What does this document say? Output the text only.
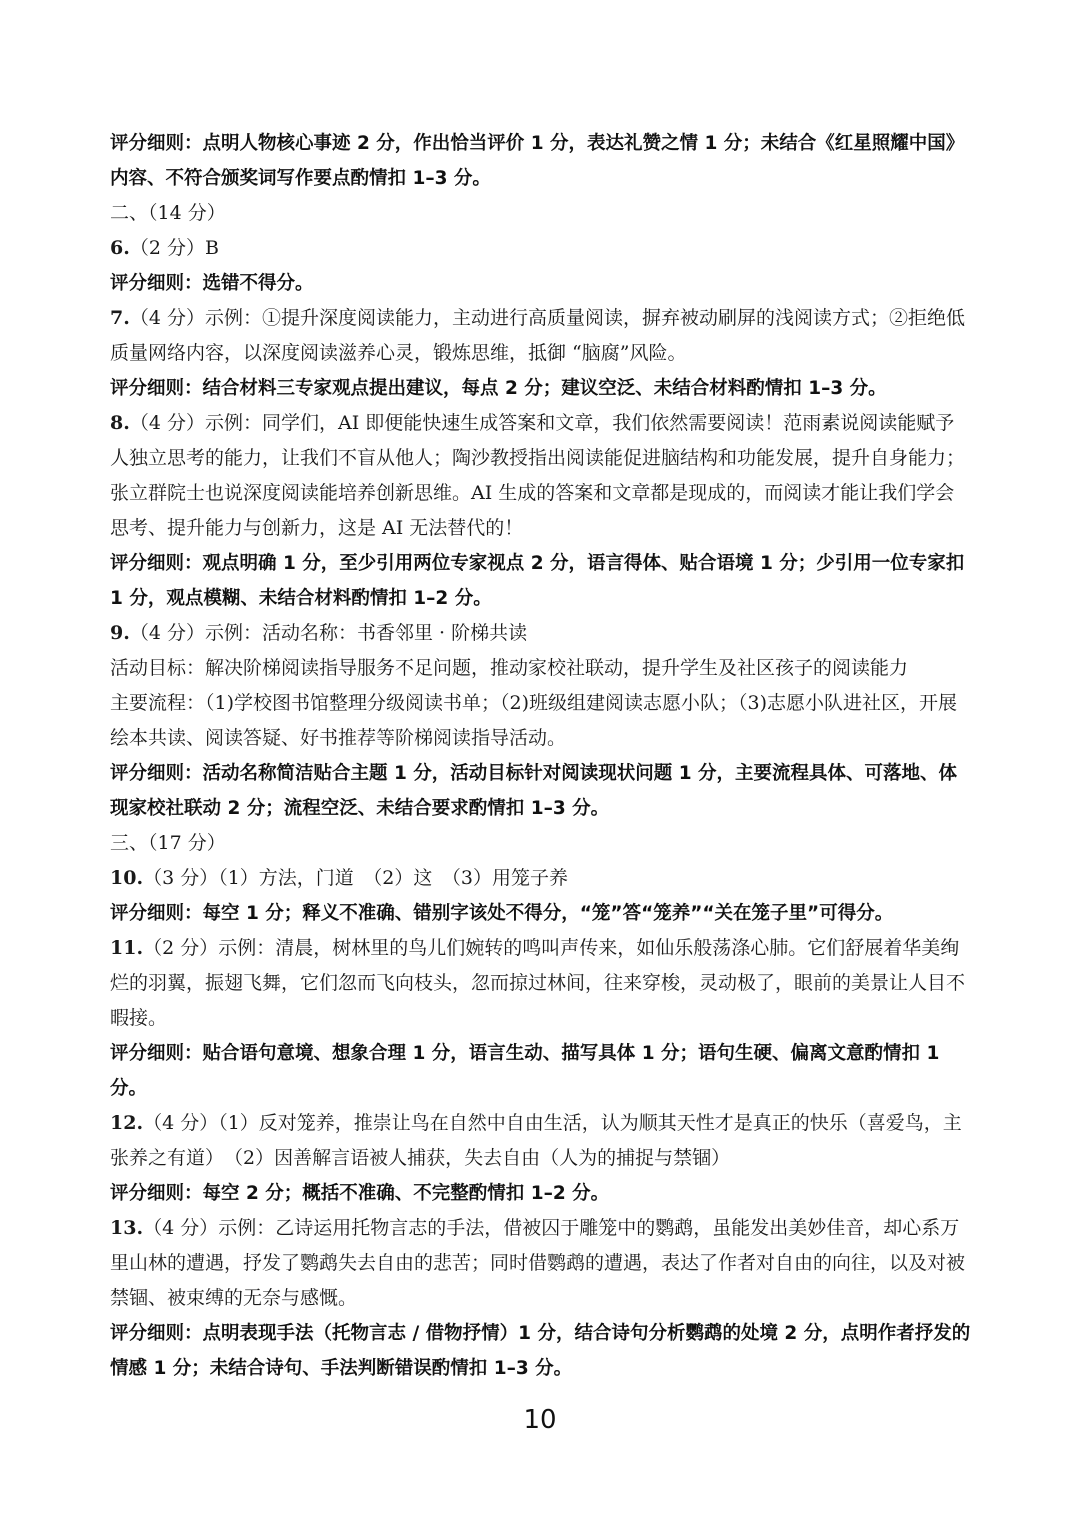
评分细则：点明人物核心事迹 2 分，作出恰当评价 1 分，表达礼赞之情 1 分；未结合《红星照耀中国》内容、不符合颁奖词写作要点酌情扣 1–3 分。

二、（14 分）

6.（2 分）B

评分细则：选错不得分。

7.（4 分）示例：①提升深度阅读能力，主动进行高质量阅读，摒弃被动刷屏的浅阅读方式；②拒绝低质量网络内容，以深度阅读滋养心灵，锻炼思维，抵御 “脑腐”风险。

评分细则：结合材料三专家观点提出建议，每点 2 分；建议空泛、未结合材料酌情扣 1–3 分。

8.（4 分）示例：同学们，AI 即便能快速生成答案和文章，我们依然需要阅读！范雨素说阅读能赋予人独立思考的能力，让我们不盲从他人；陶沙教授指出阅读能促进脑结构和功能发展，提升自身能力；张立群院士也说深度阅读能培养创新思维。AI 生成的答案和文章都是现成的，而阅读才能让我们学会思考、提升能力与创新力，这是 AI 无法替代的！

评分细则：观点明确 1 分，至少引用两位专家视点 2 分，语言得体、贴合语境 1 分；少引用一位专家扣 1 分，观点模糊、未结合材料酌情扣 1–2 分。

9.（4 分）示例：活动名称：书香邻里 · 阶梯共读

活动目标：解决阶梯阅读指导服务不足问题，推动家校社联动，提升学生及社区孩子的阅读能力

主要流程：（1)学校图书馆整理分级阅读书单；（2)班级组建阅读志愿小队；（3)志愿小队进社区，开展绘本共读、阅读答疑、好书推荐等阶梯阅读指导活动。

评分细则：活动名称简洁贴合主题 1 分，活动目标针对阅读现状问题 1 分，主要流程具体、可落地、体现家校社联动 2 分；流程空泛、未结合要求酌情扣 1–3 分。

三、（17 分）

10.（3 分）（1）方法，门道　（2）这　（3）用笼子养

评分细则：每空 1 分；释义不准确、错别字该处不得分，“笼”答“笼养”“关在笼子里”可得分。

11.（2 分）示例：清晨，树林里的鸟儿们婉转的鸣叫声传来，如仙乐般荡涤心肺。它们舒展着华美绚烂的羽翼，振翅飞舞，它们忽而飞向枝头，忽而掠过林间，往来穿梭，灵动极了，眼前的美景让人目不暇接。

评分细则：贴合语句意境、想象合理 1 分，语言生动、描写具体 1 分；语句生硬、偏离文意酌情扣 1 分。

12.（4 分）（1）反对笼养，推崇让鸟在自然中自由生活，认为顺其天性才是真正的快乐（喜爱鸟，主张养之有道）　（2）因善解言语被人捕获，失去自由（人为的捕捉与禁锢）

评分细则：每空 2 分；概括不准确、不完整酌情扣 1–2 分。

13.（4 分）示例：乙诗运用托物言志的手法，借被囚于雕笼中的鹦鹉，虽能发出美妙佳音，却心系万里山林的遭遇，抒发了鹦鹉失去自由的悲苦；同时借鹦鹉的遭遇，表达了作者对自由的向往，以及对被禁锢、被束缚的无奈与感慨。

评分细则：点明表现手法（托物言志 / 借物抒情）1 分，结合诗句分析鹦鹉的处境 2 分，点明作者抒发的情感 1 分；未结合诗句、手法判断错误酌情扣 1–3 分。

10
